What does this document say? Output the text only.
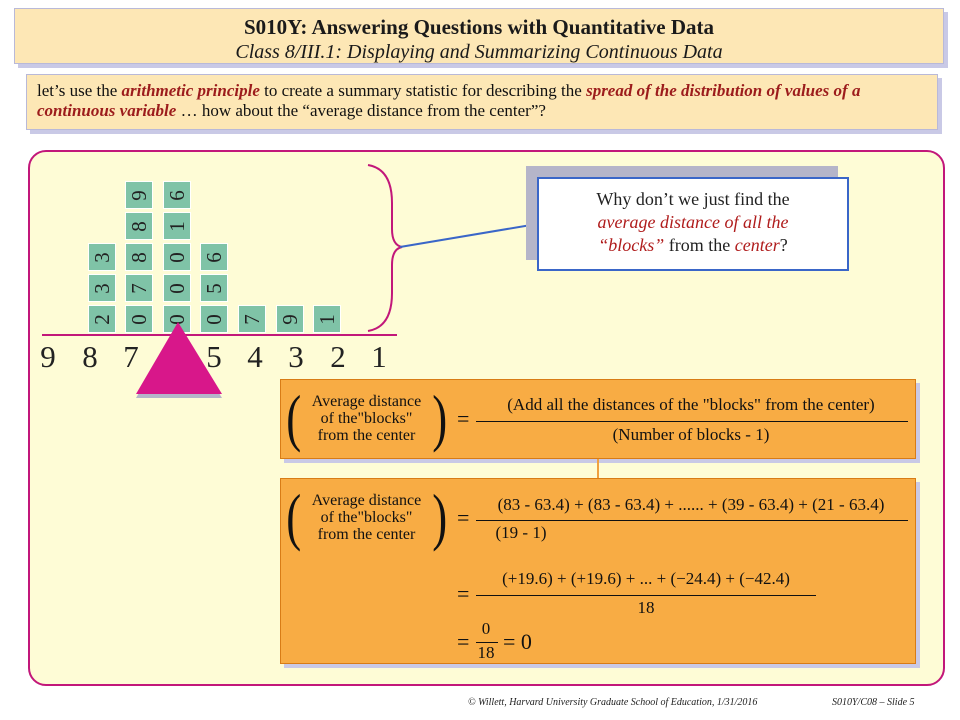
S010Y: Answering Questions with Quantitative Data
Class 8/III.1: Displaying and Summarizing Continuous Data
let’s use the arithmetic principle to create a summary statistic for describing the spread of the distribution of values of a continuous variable … how about the “average distance from the center”?
2
3
3
0
7
8
8
9
0
0
0
1
6
0
5
6
7 9 1
9 8 7 5 4 3 2 1
Why don’t we just find the
average distance of all the
“blocks” from the center?
( Average distance
of the"blocks"
from the center ) =
(Add all the distances of the "blocks" from the center)
(Number of blocks - 1)
( Average distance
of the"blocks"
from the center ) =
(83 - 63.4) + (83 - 63.4) + ...... + (39 - 63.4) + (21 - 63.4)
(19 - 1)
=
(+19.6) + (+19.6) + ... + (−24.4) + (−42.4)
18
=
0
18 = 0
© Willett, Harvard University Graduate School of Education, 1/31/2016	S010Y/C08 – Slide 5
